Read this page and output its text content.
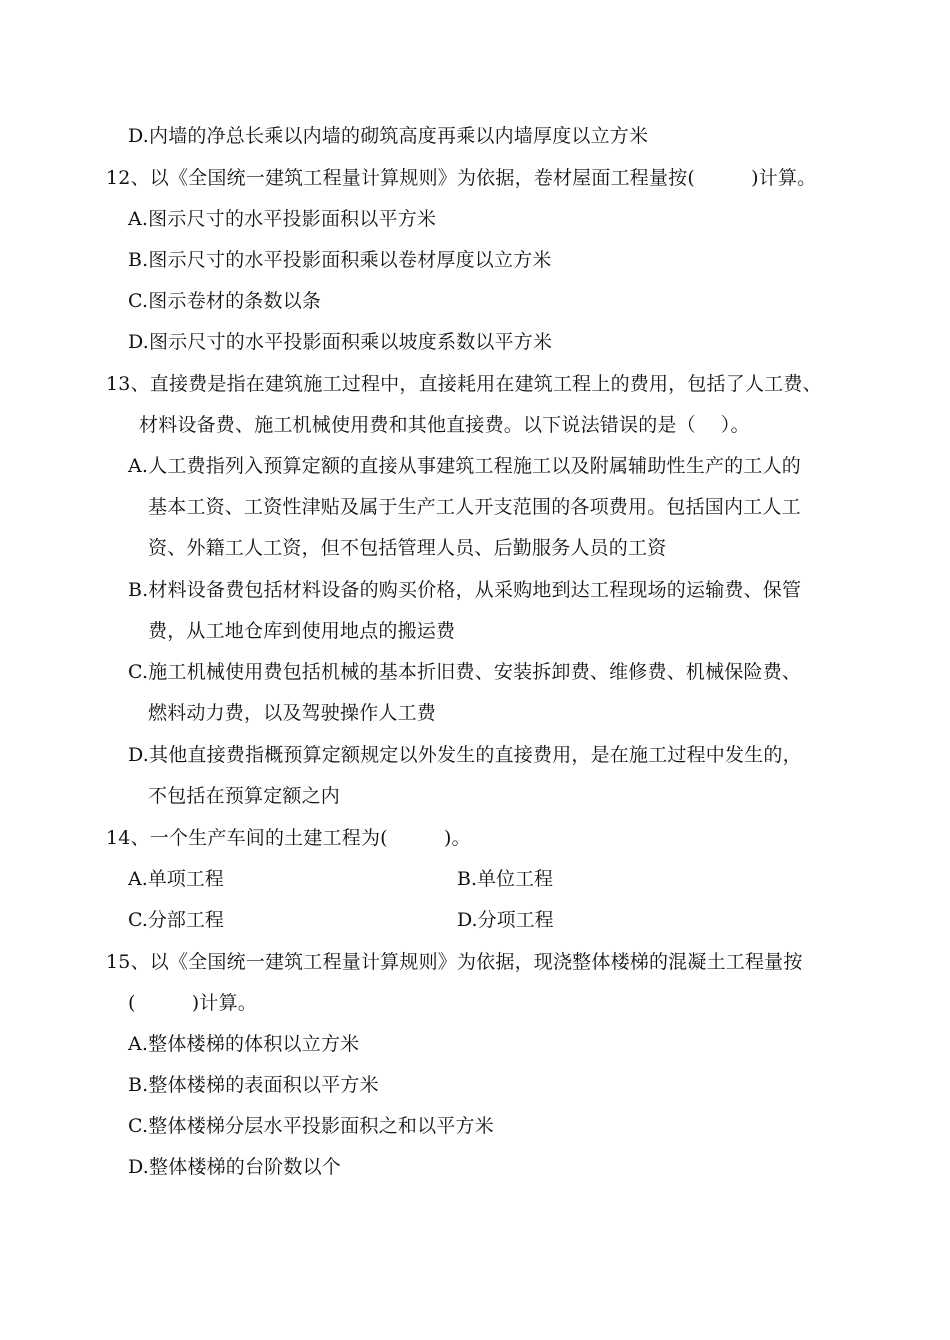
D.内墙的净总长乘以内墙的砌筑高度再乘以内墙厚度以立方米
12、以《全国统一建筑工程量计算规则》为依据，卷材屋面工程量按(         )计算。
A.图示尺寸的水平投影面积以平方米
B.图示尺寸的水平投影面积乘以卷材厚度以立方米
C.图示卷材的条数以条
D.图示尺寸的水平投影面积乘以坡度系数以平方米
13、直接费是指在建筑施工过程中，直接耗用在建筑工程上的费用，包括了人工费、
材料设备费、施工机械使用费和其他直接费。以下说法错误的是（    ）。
A.人工费指列入预算定额的直接从事建筑工程施工以及附属辅助性生产的工人的
基本工资、工资性津贴及属于生产工人开支范围的各项费用。包括国内工人工
资、外籍工人工资，但不包括管理人员、后勤服务人员的工资
B.材料设备费包括材料设备的购买价格，从采购地到达工程现场的运输费、保管
费，从工地仓库到使用地点的搬运费
C.施工机械使用费包括机械的基本折旧费、安装拆卸费、维修费、机械保险费、
燃料动力费，以及驾驶操作人工费
D.其他直接费指概预算定额规定以外发生的直接费用，是在施工过程中发生的，
不包括在预算定额之内
14、一个生产车间的土建工程为(         )。
A.单项工程	B.单位工程
C.分部工程	D.分项工程
15、以《全国统一建筑工程量计算规则》为依据，现浇整体楼梯的混凝土工程量按
(         )计算。
A.整体楼梯的体积以立方米
B.整体楼梯的表面积以平方米
C.整体楼梯分层水平投影面积之和以平方米
D.整体楼梯的台阶数以个
